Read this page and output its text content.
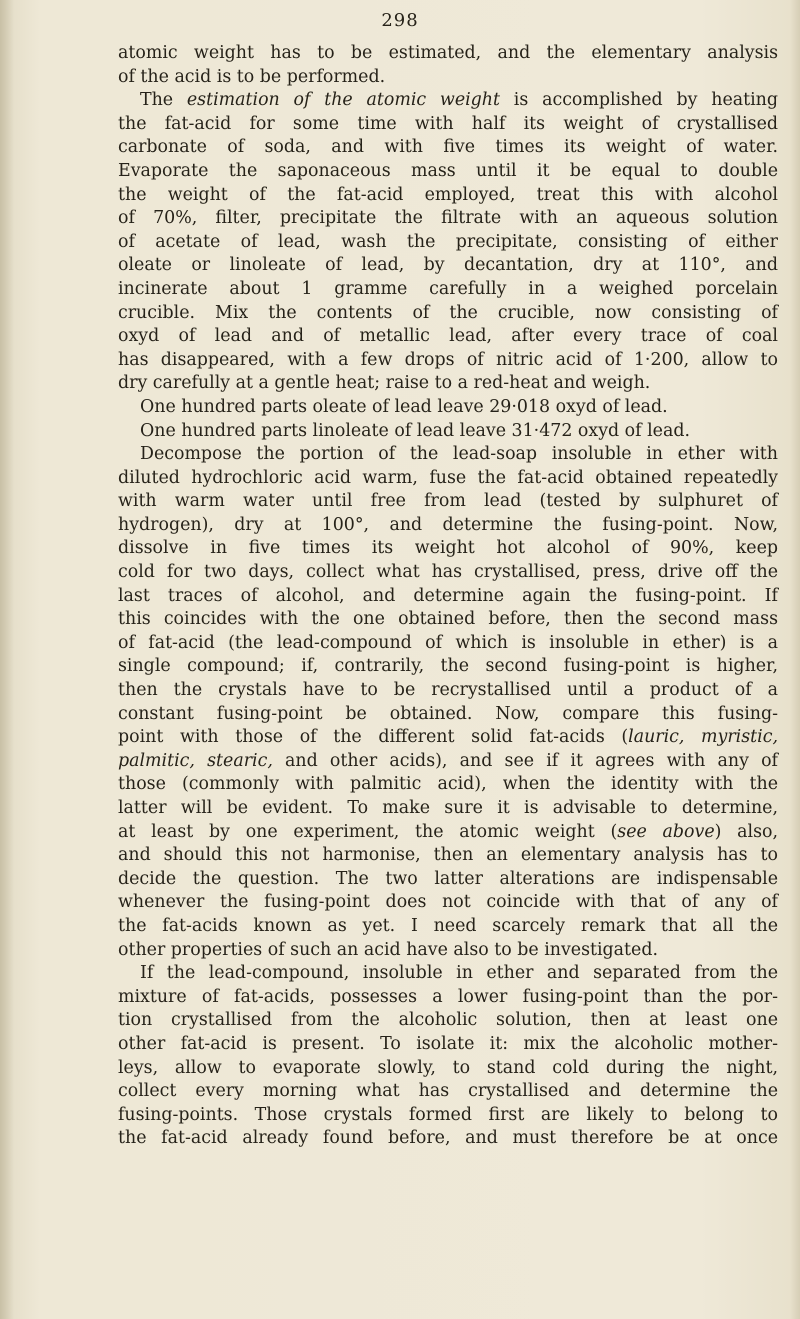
298
atomic weight has to be estimated, and the elementary analysis
of the acid is to be performed.
The estimation of the atomic weight is accomplished by heating
the fat-acid for some time with half its weight of crystallised
carbonate of soda, and with five times its weight of water.
Evaporate the saponaceous mass until it be equal to double
the weight of the fat-acid employed, treat this with alcohol
of 70%, filter, precipitate the filtrate with an aqueous solution
of acetate of lead, wash the precipitate, consisting of either
oleate or linoleate of lead, by decantation, dry at 110°, and
incinerate about 1 gramme carefully in a weighed porcelain
crucible. Mix the contents of the crucible, now consisting of
oxyd of lead and of metallic lead, after every trace of coal
has disappeared, with a few drops of nitric acid of 1·200, allow to
dry carefully at a gentle heat; raise to a red-heat and weigh.
One hundred parts oleate of lead leave 29·018 oxyd of lead.
One hundred parts linoleate of lead leave 31·472 oxyd of lead.
Decompose the portion of the lead-soap insoluble in ether with
diluted hydrochloric acid warm, fuse the fat-acid obtained repeatedly
with warm water until free from lead (tested by sulphuret of
hydrogen), dry at 100°, and determine the fusing-point. Now,
dissolve in five times its weight hot alcohol of 90%, keep
cold for two days, collect what has crystallised, press, drive off the
last traces of alcohol, and determine again the fusing-point. If
this coincides with the one obtained before, then the second mass
of fat-acid (the lead-compound of which is insoluble in ether) is a
single compound; if, contrarily, the second fusing-point is higher,
then the crystals have to be recrystallised until a product of a
constant fusing-point be obtained. Now, compare this fusing-
point with those of the different solid fat-acids (lauric, myristic,
palmitic, stearic, and other acids), and see if it agrees with any of
those (commonly with palmitic acid), when the identity with the
latter will be evident. To make sure it is advisable to determine,
at least by one experiment, the atomic weight (see above) also,
and should this not harmonise, then an elementary analysis has to
decide the question. The two latter alterations are indispensable
whenever the fusing-point does not coincide with that of any of
the fat-acids known as yet. I need scarcely remark that all the
other properties of such an acid have also to be investigated.
If the lead-compound, insoluble in ether and separated from the
mixture of fat-acids, possesses a lower fusing-point than the por-
tion crystallised from the alcoholic solution, then at least one
other fat-acid is present. To isolate it: mix the alcoholic mother-
leys, allow to evaporate slowly, to stand cold during the night,
collect every morning what has crystallised and determine the
fusing-points. Those crystals formed first are likely to belong to
the fat-acid already found before, and must therefore be at once
